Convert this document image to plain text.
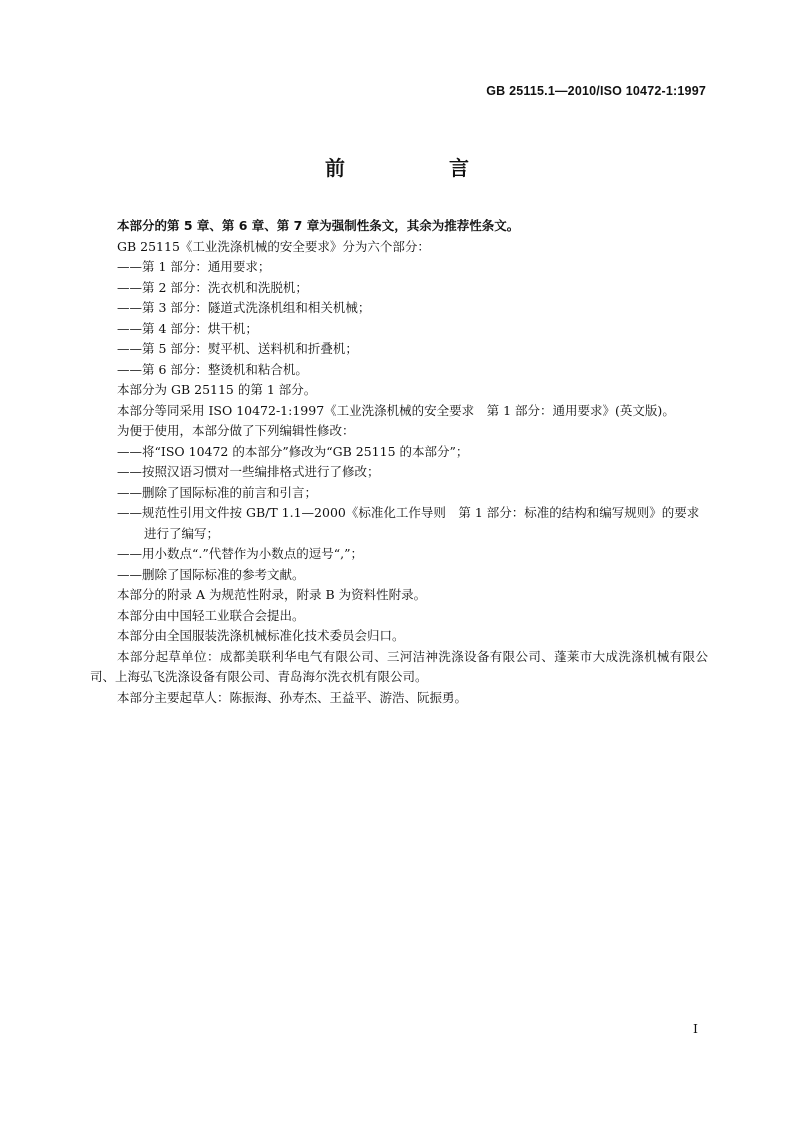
GB 25115.1—2010/ISO 10472-1:1997
前　言
本部分的第 5 章、第 6 章、第 7 章为强制性条文，其余为推荐性条文。
GB 25115《工业洗涤机械的安全要求》分为六个部分：
——第 1 部分：通用要求；
——第 2 部分：洗衣机和洗脱机；
——第 3 部分：隧道式洗涤机组和相关机械；
——第 4 部分：烘干机；
——第 5 部分：熨平机、送料机和折叠机；
——第 6 部分：整烫机和粘合机。
本部分为 GB 25115 的第 1 部分。
本部分等同采用 ISO 10472-1:1997《工业洗涤机械的安全要求　第 1 部分：通用要求》(英文版)。
为便于使用，本部分做了下列编辑性修改：
——将“ISO 10472 的本部分”修改为“GB 25115 的本部分”；
——按照汉语习惯对一些编排格式进行了修改；
——删除了国际标准的前言和引言；
——规范性引用文件按 GB/T 1.1—2000《标准化工作导则　第 1 部分：标准的结构和编写规则》的要求进行了编写；
——用小数点“.”代替作为小数点的逗号“,”；
——删除了国际标准的参考文献。
本部分的附录 A 为规范性附录，附录 B 为资料性附录。
本部分由中国轻工业联合会提出。
本部分由全国服装洗涤机械标准化技术委员会归口。
本部分起草单位：成都美联利华电气有限公司、三河洁神洗涤设备有限公司、蓬莱市大成洗涤机械有限公司、上海弘飞洗涤设备有限公司、青岛海尔洗衣机有限公司。
本部分主要起草人：陈振海、孙寿杰、王益平、游浩、阮振勇。
I
